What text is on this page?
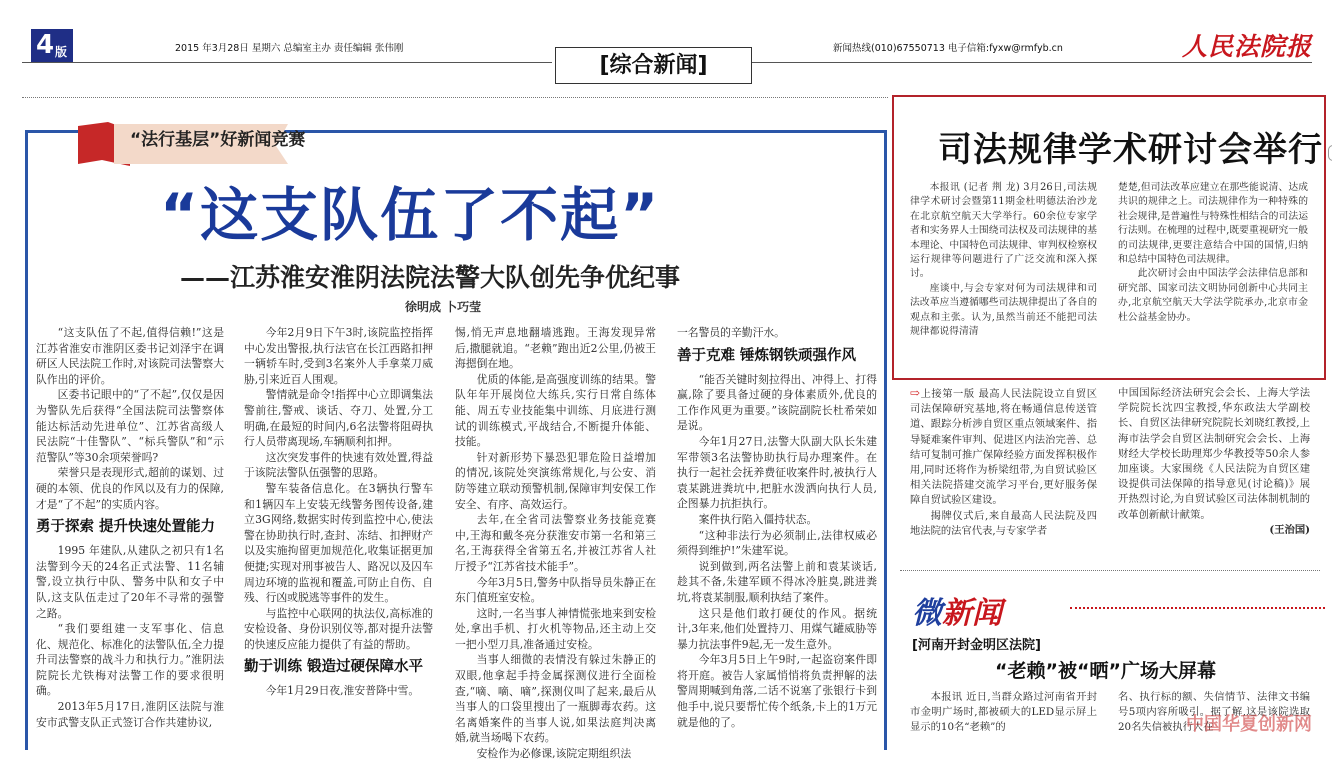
4 版	2015 年3月28日 星期六 总编室主办 责任编辑 张伟刚	新闻热线(010)67550713 电子信箱:fyxw@rmfyb.cn
[综合新闻]
人民法院报
“法行基层”好新闻竞赛
“这支队伍了不起”
——江苏淮安淮阴法院法警大队创先争优纪事
徐明成 卜巧莹

“这支队伍了不起,值得信赖!”这是江苏省淮安市淮阴区委书记刘泽宇在调研区人民法院工作时,对该院司法警察大队作出的评价。

区委书记眼中的“了不起”,仅仅是因为警队先后获得“全国法院司法警察体能达标活动先进单位”、江苏省高级人民法院“十佳警队”、“标兵警队”和“示范警队”等30余项荣誉吗?

荣誉只是表现形式,超前的谋划、过硬的本领、优良的作风以及有力的保障,才是“了不起”的实质内容。

勇于探索 提升快速处置能力

1995 年建队,从建队之初只有1名法警到今天的24名正式法警、11名辅警,设立执行中队、警务中队和女子中队,这支队伍走过了20年不寻常的强警之路。

“我们要组建一支军事化、信息化、规范化、标准化的法警队伍,全力提升司法警察的战斗力和执行力。”淮阴法院院长尤铁梅对法警工作的要求很明确。

2013年5月17日,淮阴区法院与淮安市武警支队正式签订合作共建协议,

今年2月9日下午3时,该院监控指挥中心发出警报,执行法官在长江西路扣押一辆轿车时,受到3名案外人手拿菜刀威胁,引来近百人围观。

警情就是命令!指挥中心立即调集法警前往,警戒、谈话、夺刀、处置,分工明确,在最短的时间内,6名法警将阻碍执行人员带离现场,车辆顺利扣押。

这次突发事件的快速有效处置,得益于该院法警队伍强警的思路。

警车装备信息化。在3辆执行警车和1辆囚车上安装无线警务图传设备,建立3G网络,数据实时传到监控中心,使法警在协助执行时,查封、冻结、扣押财产以及实施拘留更加规范化,收集证据更加便捷;实现对刑事被告人、路况以及囚车周边环境的监视和覆盖,可防止自伤、自残、行凶或脱逃等事件的发生。

与监控中心联网的执法仪,高标准的安检设备、身份识别仪等,都对提升法警的快速反应能力提供了有益的帮助。

勤于训练 锻造过硬保障水平

今年1月29日夜,淮安普降中雪。

惕,悄无声息地翻墙逃跑。王海发现异常后,撒腿就追。“老赖”跑出近2公里,仍被王海摁倒在地。

优质的体能,是高强度训练的结果。警队年年开展岗位大练兵,实行日常自练体能、周五专业技能集中训练、月底进行测试的训练模式,平战结合,不断提升体能、技能。

针对新形势下暴恐犯罪危险日益增加的情况,该院处突演练常规化,与公安、消防等建立联动预警机制,保障审判安保工作安全、有序、高效运行。

去年,在全省司法警察业务技能竞赛中,王海和戴冬亮分获淮安市第一名和第三名,王海获得全省第五名,并被江苏省人社厅授予“江苏省技术能手”。

今年3月5日,警务中队指导员朱静正在东门值班室安检。

这时,一名当事人神情慌张地来到安检处,拿出手机、打火机等物品,还主动上交一把小型刀具,准备通过安检。

当事人细微的表情没有躲过朱静正的双眼,他拿起手持金属探测仪进行全面检查,“嘀、嘀、嘀”,探测仪叫了起来,最后从当事人的口袋里搜出了一瓶脚毒农药。这名离婚案件的当事人说,如果法庭判决离婚,就当场喝下农药。

安检作为必修课,该院定期组织法

一名警员的辛勤汗水。

善于克难 锤炼钢铁顽强作风

“能否关键时刻拉得出、冲得上、打得赢,除了要具备过硬的身体素质外,优良的工作作风更为重要。”该院副院长杜希荣如是说。

今年1月27日,法警大队副大队长朱建军带领3名法警协助执行局办理案件。在执行一起社会抚养费征收案件时,被执行人袁某跳进粪坑中,把脏水泼洒向执行人员,企图暴力抗拒执行。

案件执行陷入僵持状态。

“这种非法行为必须制止,法律权威必须得到维护!”朱建军说。

说到做到,两名法警上前和袁某谈话,趁其不备,朱建军顾不得冰冷脏臭,跳进粪坑,将袁某制服,顺利执结了案件。

这只是他们敢打硬仗的作风。据统计,3年来,他们处置持刀、用煤气罐威胁等暴力抗法事件9起,无一发生意外。

今年3月5日上午9时,一起盗窃案件即将开庭。被告人家属悄悄将负责押解的法警周期喊到角落,二话不说塞了张银行卡到他手中,说只要帮忙传个纸条,卡上的1万元就是他的了。

司法规律学术研讨会举行

本报讯 (记者 荆 龙) 3月26日,司法规律学术研讨会暨第11期金杜明德法治沙龙在北京航空航天大学举行。60余位专家学者和实务界人士围绕司法权及司法规律的基本理论、中国特色司法规律、审判权检察权运行规律等问题进行了广泛交流和深入探讨。

座谈中,与会专家对何为司法规律和司法改革应当遵循哪些司法规律提出了各自的观点和主张。认为,虽然当前还不能把司法规律都说得清清

楚楚,但司法改革应建立在那些能说清、达成共识的规律之上。司法规律作为一种特殊的社会规律,是普遍性与特殊性相结合的司法运行法则。在梳理的过程中,既要重视研究一般的司法规律,更要注意结合中国的国情,归纳和总结中国特色司法规律。

此次研讨会由中国法学会法律信息部和研究部、国家司法文明协同创新中心共同主办,北京航空航天大学法学院承办,北京市金杜公益基金协办。

⇨上接第一版 最高人民法院设立自贸区司法保障研究基地,将在畅通信息传送管道、跟踪分析涉自贸区重点领域案件、指导疑难案件审判、促进区内法治完善、总结可复制可推广保障经验方面发挥积极作用,同时还将作为桥梁纽带,为自贸试验区相关法院搭建交流学习平台,更好服务保障自贸试验区建设。

揭牌仪式后,来自最高人民法院及四地法院的法官代表,与专家学者

中国国际经济法研究会会长、上海大学法学院院长沈四宝教授,华东政法大学副校长、自贸区法律研究院院长刘晓红教授,上海市法学会自贸区法制研究会会长、上海财经大学校长助理郑少华教授等50余人参加座谈。大家围绕《人民法院为自贸区建设提供司法保障的指导意见(讨论稿)》展开热烈讨论,为自贸试验区司法体制机制的改革创新献计献策。

(王治国)

微新闻
[河南开封金明区法院]
“老赖”被“晒”广场大屏幕

本报讯 近日,当群众路过河南省开封市金明广场时,都被硕大的LED显示屏上显示的10名“老赖”的

名、执行标的额、失信情节、法律文书编号5项内容所吸引。据了解,这是该院选取20名失信被执行人在

中国华夏创新网
